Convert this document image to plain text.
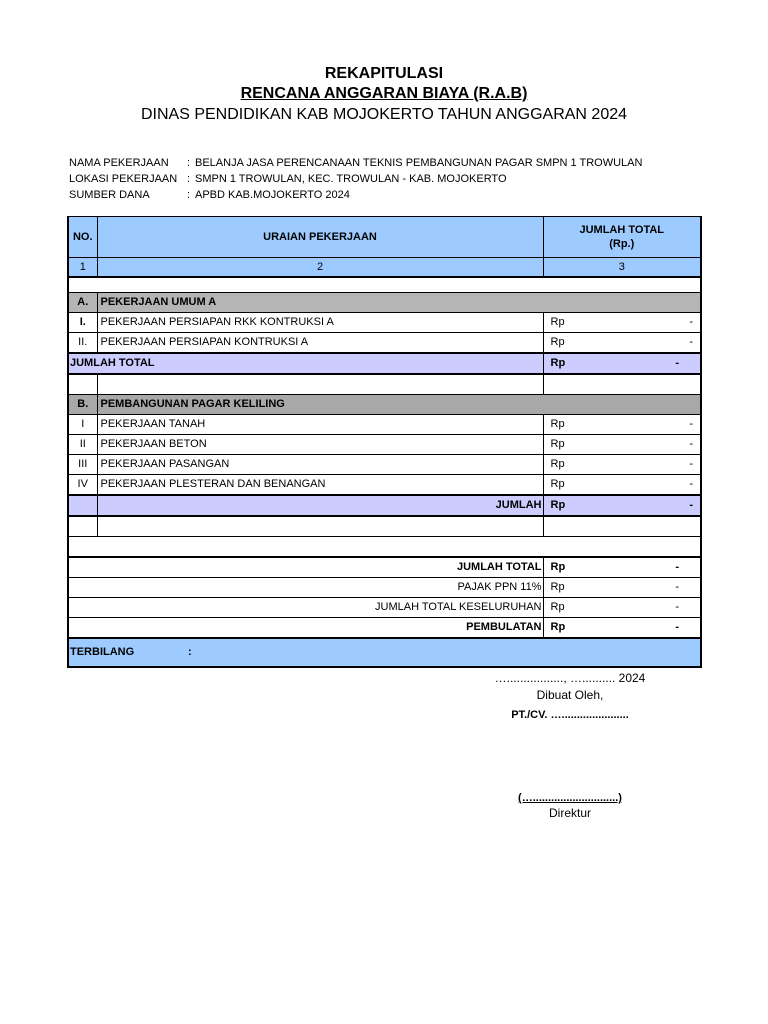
REKAPITULASI
RENCANA ANGGARAN BIAYA (R.A.B)
DINAS PENDIDIKAN KAB MOJOKERTO TAHUN ANGGARAN 2024
NAMA PEKERJAAN : BELANJA JASA PERENCANAAN TEKNIS PEMBANGUNAN PAGAR SMPN 1 TROWULAN
LOKASI PEKERJAAN : SMPN 1 TROWULAN, KEC. TROWULAN - KAB. MOJOKERTO
SUMBER DANA	: APBD KAB.MOJOKERTO 2024
NO.	URAIAN PEKERJAAN	JUMLAH TOTAL
(Rp.)

1	2	3

A.	PEKERJAAN UMUM A	
I.	PEKERJAAN PERSIAPAN RKK KONTRUKSI A	Rp -

II.	PEKERJAAN PERSIAPAN KONTRUKSI A	Rp -

JUMLAH TOTAL		Rp -

B.	PEMBANGUNAN PAGAR KELILING	
I	PEKERJAAN TANAH	Rp -

II	PEKERJAAN BETON	Rp -

III	PEKERJAAN PASANGAN	Rp -

IV	PEKERJAAN PLESTERAN DAN BENANGAN	Rp -

	JUMLAH	Rp -

JUMLAH TOTAL		Rp -

PAJAK PPN 11%		Rp -

JUMLAH TOTAL KESELURUHAN		Rp -

PEMBULATAN		Rp -

TERBILANG :		
…................., ….......... 2024
Dibuat Oleh,
PT./CV. …......................
(…............................)
Direktur
